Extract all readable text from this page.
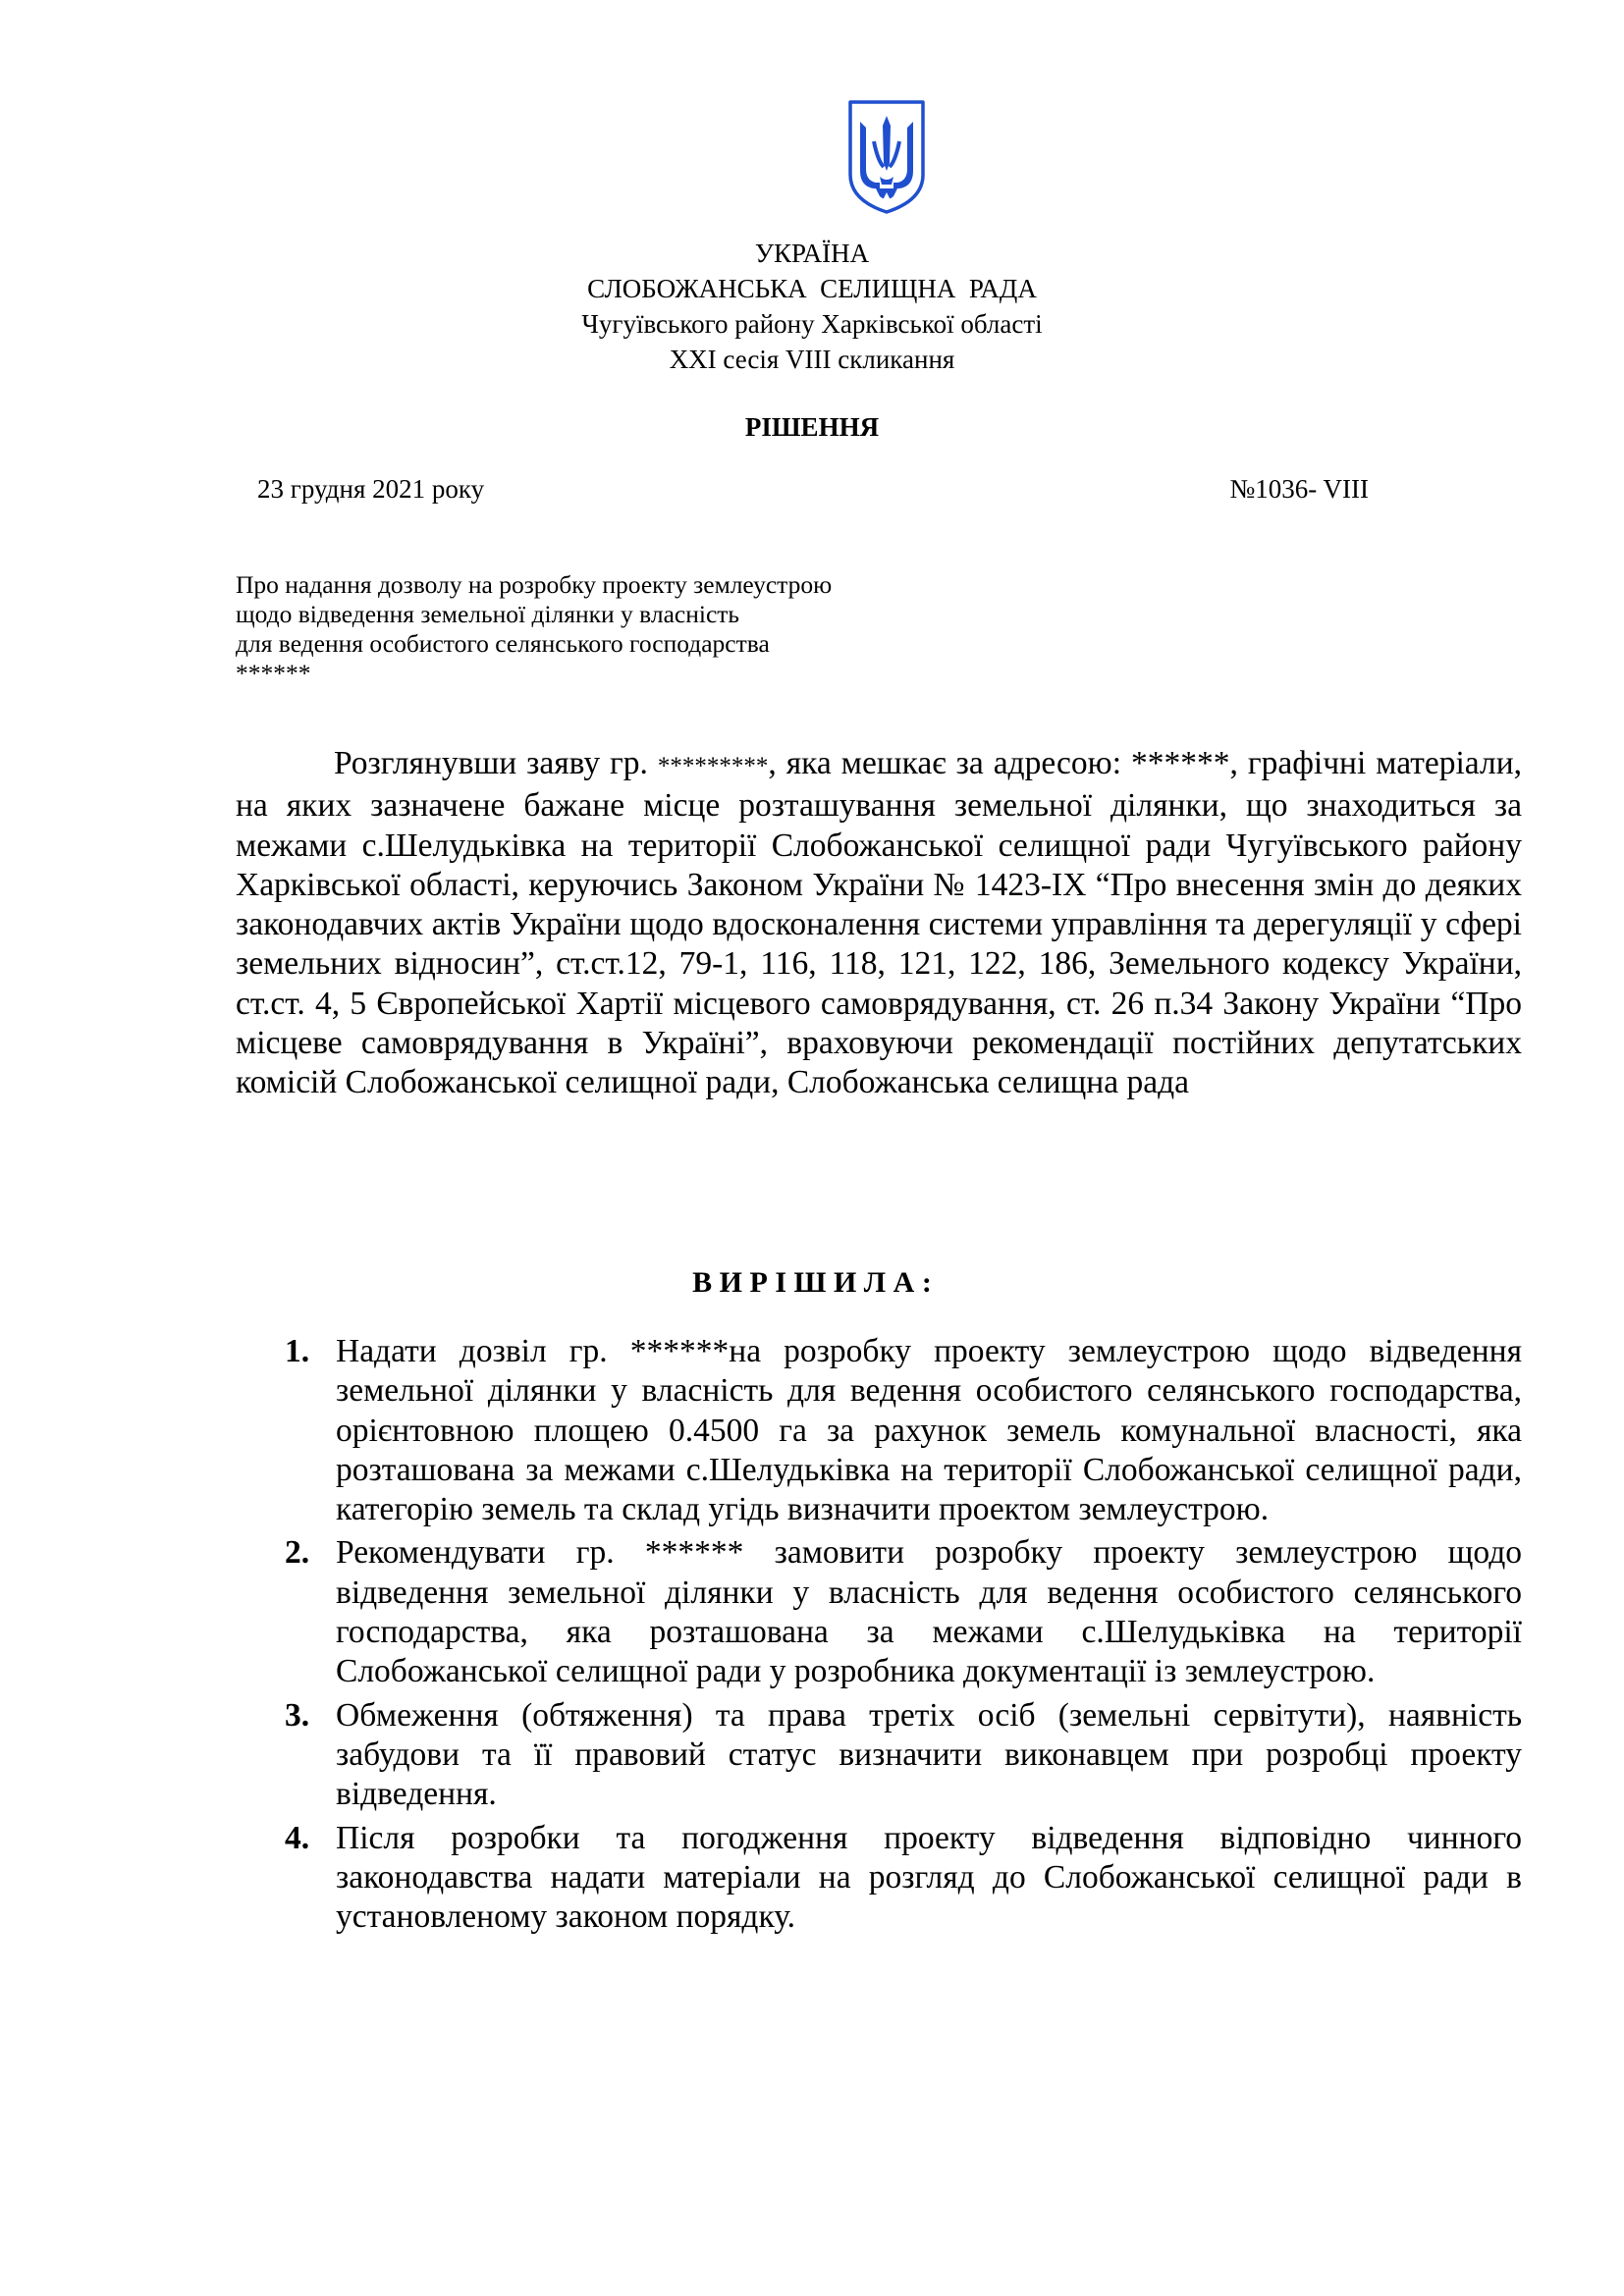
УКРАЇНА
СЛОБОЖАНСЬКА  СЕЛИЩНА  РАДА
Чугуївського району Харківської області
XXI сесія VIII скликання
РІШЕННЯ
23 грудня 2021 року	№1036- VIII
Про надання дозволу на розробку проекту землеустрою
щодо відведення земельної ділянки у власність
для ведення особистого селянського господарства
******

Розглянувши заяву гр. *********, яка мешкає за адресою: ******, графічні матеріали, на яких зазначене бажане місце розташування земельної ділянки, що знаходиться за межами с.Шелудьківка на території Слобожанської селищної ради Чугуївського району Харківської області, керуючись Законом України № 1423-IX “Про внесення змін до деяких законодавчих актів України щодо вдосконалення системи управління та дерегуляції у сфері земельних відносин”, ст.ст.12, 79-1, 116, 118, 121, 122, 186, Земельного кодексу України, ст.ст. 4, 5 Європейської Хартії місцевого самоврядування, ст. 26 п.34 Закону України “Про місцеве самоврядування в Україні”, враховуючи рекомендації постійних депутатських комісій Слобожанської селищної ради, Слобожанська селищна рада

В И Р І Ш И Л А :
1. Надати дозвіл гр. ******на розробку проекту землеустрою щодо відведення земельної ділянки у власність для ведення особистого селянського господарства, орієнтовною площею 0.4500 га за рахунок земель комунальної власності, яка розташована за межами с.Шелудьківка на території Слобожанської селищної ради, категорію земель та склад угідь визначити проектом землеустрою.
2. Рекомендувати гр. ****** замовити розробку проекту землеустрою щодо відведення земельної ділянки у власність для ведення особистого селянського господарства, яка розташована за межами с.Шелудьківка на території Слобожанської селищної ради у розробника документації із землеустрою.
3. Обмеження (обтяження) та права третіх осіб (земельні сервітути), наявність забудови та її правовий статус визначити виконавцем при розробці проекту відведення.
4. Після розробки та погодження проекту відведення відповідно чинного законодавства надати матеріали на розгляд до Слобожанської селищної ради в установленому законом порядку.
